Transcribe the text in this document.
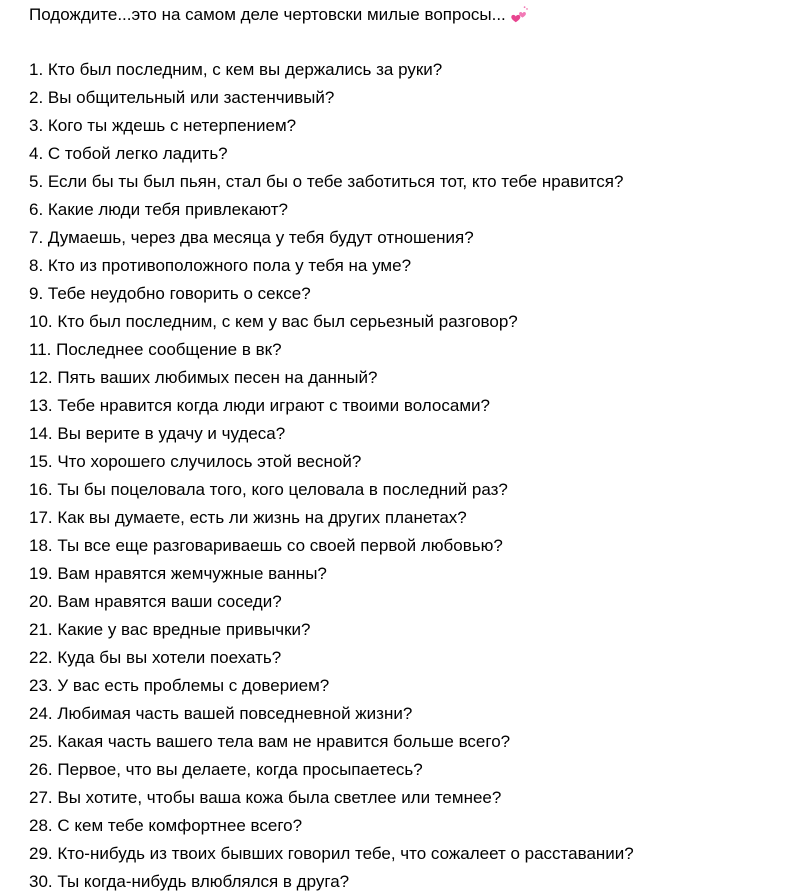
Подождите...это на самом деле чертовски милые вопросы...

1. Кто был последним, с кем вы держались за руки?
2. Вы общительный или застенчивый?
3. Кого ты ждешь с нетерпением?
4. С тобой легко ладить?
5. Если бы ты был пьян, стал бы о тебе заботиться тот, кто тебе нравится?
6. Какие люди тебя привлекают?
7. Думаешь, через два месяца у тебя будут отношения?
8. Кто из противоположного пола у тебя на уме?
9. Тебе неудобно говорить о сексе?
10. Кто был последним, с кем у вас был серьезный разговор?
11. Последнее сообщение в вк?
12. Пять ваших любимых песен на данный?
13. Тебе нравится когда люди играют с твоими волосами?
14. Вы верите в удачу и чудеса?
15. Что хорошего случилось этой весной?
16. Ты бы поцеловала того, кого целовала в последний раз?
17. Как вы думаете, есть ли жизнь на других планетах?
18. Ты все еще разговариваешь со своей первой любовью?
19. Вам нравятся жемчужные ванны?
20. Вам нравятся ваши соседи?
21. Какие у вас вредные привычки?
22. Куда бы вы хотели поехать?
23. У вас есть проблемы с доверием?
24. Любимая часть вашей повседневной жизни?
25. Какая часть вашего тела вам не нравится больше всего?
26. Первое, что вы делаете, когда просыпаетесь?
27. Вы хотите, чтобы ваша кожа была светлее или темнее?
28. С кем тебе комфортнее всего?
29. Кто-нибудь из твоих бывших говорил тебе, что сожалеет о расставании?
30. Ты когда-нибудь влюблялся в друга?
